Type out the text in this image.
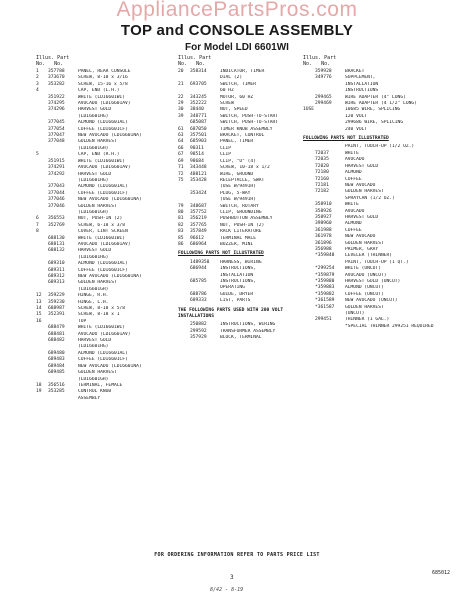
AppliancePartsPros.com
TOP and CONSOLE ASSEMBLY
For Model LDI 6601WI
Illus. Part
No. No.
1	357788	PANEL, REAR CONSOLE
2	373670	SCREW, 8-18 x 3/16
3	353282	SCREW, 15-16 x 5/8
4	CAP, END (L.H.)
351922	WHITE (LDI6601WI)
374295	AVOCADO (LDI6601AV)
374296	HARVEST GOLD
(LDI6601HG)
377045	ALMOND (LDI6601AL)
377054	COFFEE (LDI6601CF)
377047	NEW AVOCADO (LDI6601NA)
377048	GOLDEN HARVEST
(LDI6601GH)
5	CAP, END (R.H.)
351915	WHITE (LDI6601WI)
374291	AVOCADO (LDI6601AV)
374292	HARVEST GOLD
(LDI6601HG)
377043	ALMOND (LDI6601AL)
377044	COFFEE (LDI6601CF)
377046	NEW AVOCADO (LDI6601NA)
377046	GOLDEN HARVEST
(LDI6601GH)
6	356553	NUT, PUSH-IN (2)
7	352769	SCREW, 6-18 x 3/8
8	COVER, LINT SCREEN
688130	WHITE (LDI6601WI)
688131	AVOCADO (LDI6601AV)
688132	HARVEST GOLD
(LDI6601HG)
689310	ALMOND (LDI6601AL)
689311	COFFEE (LDI6601CF)
689312	NEW AVOCADO (LDI6601NA)
689313	GOLDEN HARVEST
(LDI6601GH)
12	359229	HINGE, R.H.
13	359230	HINGE, L.H.
14	688987	SCREW, 8-18 x 5/8
15	352391	SCREW, 8-18 x 1
16	TOP
688479	WHITE (LDI6601WI)
688481	AVOCADO (LDI6601AV)
688482	HARVEST GOLD
(LDI6601HG)
689480	ALMOND (LDI6601AL)
689483	COFFEE (LDI6601CF)
689484	NEW AVOCADO (LDI6601NA)
689485	GOLDEN HARVEST
(LDI6601GH)
18	356516	TERMINAL, FEMALE
19	353285	CONTROL KNOB
ASSEMBLY
Illus. Part
No. No.
20	358314	INDICATOR, TIMER
DIAL (2)
21	693705	SWITCH, TIMER
60 HZ
22	343245	MOTOR, 60 HZ
29	352222	SCREW
30	38440	NUT, SPEED
39	348771	SWITCH, PUSH-TO-START
685087	SWITCH, PUSH-TO-START
61	687050	TIMER KNOB ASSEMBLY
63	357501	BRACKET, CONTROL
64	685903	PANEL, TIMER
66	90311	CLIP
67	98514	CLIP
69	98684	CLIP, "U" (4)
71	343448	SCREW, 10-18 x 1/2
72	488121	WIRE, GROUND
75	353428	RECEPTACLE, SWAT
(USE W/9491H)
353424	PLUG, 5-WAY
(USE W/9491H)
79	348687	SWITCH, ROTARY
80	357752	CLIP, GROUNDING
81	356219	PUSHBUTTON ASSEMBLY
82	357765	NUT, PUSH-IN (2)
83	357849	RACK LITERATURE
85	96612	TERMINAL MALE
86	686964	BUZZER, MINI
FOLLOWING PARTS NOT ILLUSTRATED
1489350	HARNESS, WIRING
686944	INSTRUCTIONS,
INSTALLATION
685785	INSTRUCTIONS,
OPERATING
688786	GUIDE, DRYER
689333	LIST, PARTS
THE FOLLOWING PARTS USED WITH 200 VOLT INSTALLATIONS
250882	INSTRUCTIONS, WIRING
299592	TRANSFORMER ASSEMBLY
357929	BLOCK, TERMINAL
Illus. Part
No. No.
359928	BRACKET
349776	SUPPLEMENT,
INSTALLATION
INSTRUCTIONS
299465	WIRE ADAPTER (4" LONG)
299469	WIRE ADAPTER (4 1/2" LONG)
1USE	10685 WIRE, SPLICING
120 VOLT
299686 WIRE, SPLICING
240 VOLT
FOLLOWING PARTS NOT ILLUSTRATED
PAINT, TOUCH-UP (1/2 OZ.)
72037	WHITE
72035	AVOCADO
72020	HARVEST GOLD
72180	ALMOND
72160	COFFEE
72181	NEW AVOCADO
72182	GOLDEN HARVEST
SPRAYCAN (1/2 OZ.)
358910	WHITE
358926	AVOCADO
358927	HARVEST GOLD
398960	ALMOND
361988	COFFEE
361978	NEW AVOCADO
361896	GOLDEN HARVEST
356988	PRIMER, GRAY
*359848	LEVELER (THINNER)
PAINT, TOUCH-UP (1 QT.)
*299254	WHITE (UNCUT)
*359879	AVOCADO (UNCUT)
*359880	HARVEST GOLD (UNCUT)
*359883	ALMOND (UNCUT)
*359882	COFFEE (UNCUT)
*361589	NEW AVOCADO (UNCUT)
*361587	GOLDEN HARVEST
(UNCUT)
299451	THINNER (1 GAL.)
*SPECIAL THINNER 299251 REQUIRED
FOR ORDERING INFORMATION REFER TO PARTS PRICE LIST
3
685012
8/42 - 8-19
